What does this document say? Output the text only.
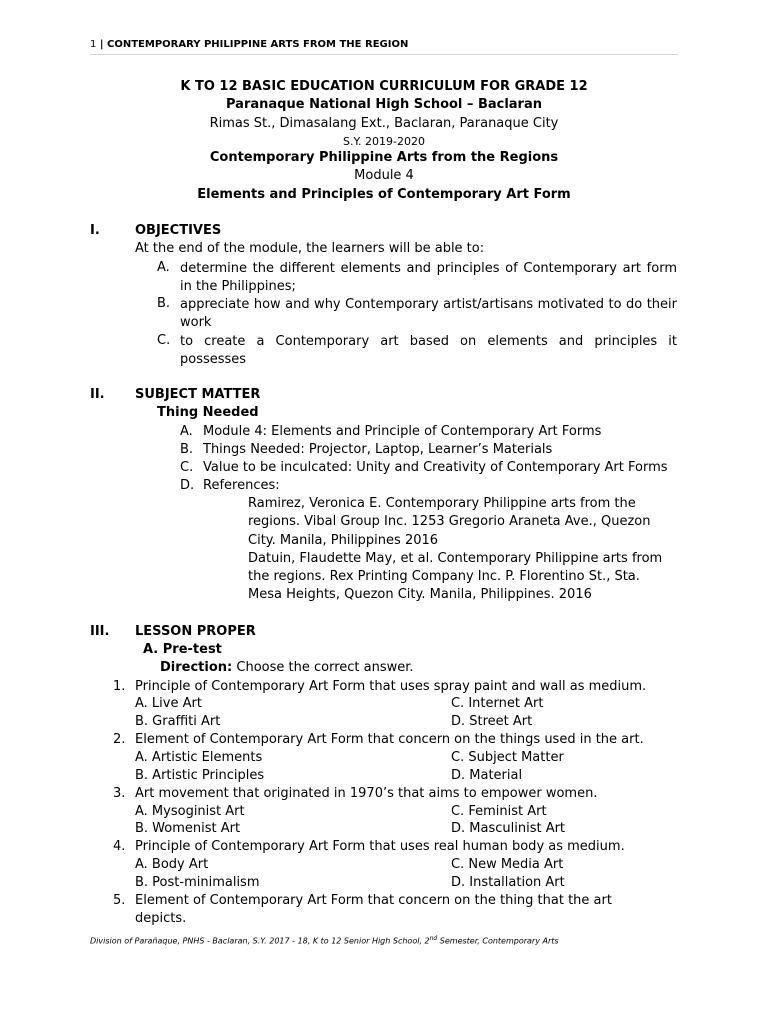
1 | CONTEMPORARY PHILIPPINE ARTS FROM THE REGION
K TO 12 BASIC EDUCATION CURRICULUM FOR GRADE 12
Paranaque National High School – Baclaran
Rimas St., Dimasalang Ext., Baclaran, Paranaque City
S.Y. 2019-2020
Contemporary Philippine Arts from the Regions
Module 4
Elements and Principles of Contemporary Art Form
I.	OBJECTIVES
At the end of the module, the learners will be able to:
A. determine the different elements and principles of Contemporary art form in the Philippines;
B. appreciate how and why Contemporary artist/artisans motivated to do their work
C. to create a Contemporary art based on elements and principles it possesses
II. SUBJECT MATTER
Thing Needed
A. Module 4: Elements and Principle of Contemporary Art Forms
B. Things Needed: Projector, Laptop, Learner’s Materials
C. Value to be inculcated: Unity and Creativity of Contemporary Art Forms
D. References:
Ramirez, Veronica E. Contemporary Philippine arts from the
regions. Vibal Group Inc. 1253 Gregorio Araneta Ave., Quezon
City. Manila, Philippines 2016
Datuin, Flaudette May, et al. Contemporary Philippine arts from
the regions. Rex Printing Company Inc. P. Florentino St., Sta.
Mesa Heights, Quezon City. Manila, Philippines. 2016
III. LESSON PROPER
A. Pre-test
Direction: Choose the correct answer.
1. Principle of Contemporary Art Form that uses spray paint and wall as medium.
A. Live Art	C. Internet Art
B. Graffiti Art	D. Street Art
2. Element of Contemporary Art Form that concern on the things used in the art.
A. Artistic Elements	C. Subject Matter
B. Artistic Principles	D. Material
3. Art movement that originated in 1970’s that aims to empower women.
A. Mysoginist Art	C. Feminist Art
B. Womenist Art	D. Masculinist Art
4. Principle of Contemporary Art Form that uses real human body as medium.
A. Body Art	C. New Media Art
B. Post-minimalism	D. Installation Art
5. Element of Contemporary Art Form that concern on the thing that the art
depicts.
Division of Parañaque, PNHS - Baclaran, S.Y. 2017 - 18, K to 12 Senior High School, 2nd Semester, Contemporary Arts
